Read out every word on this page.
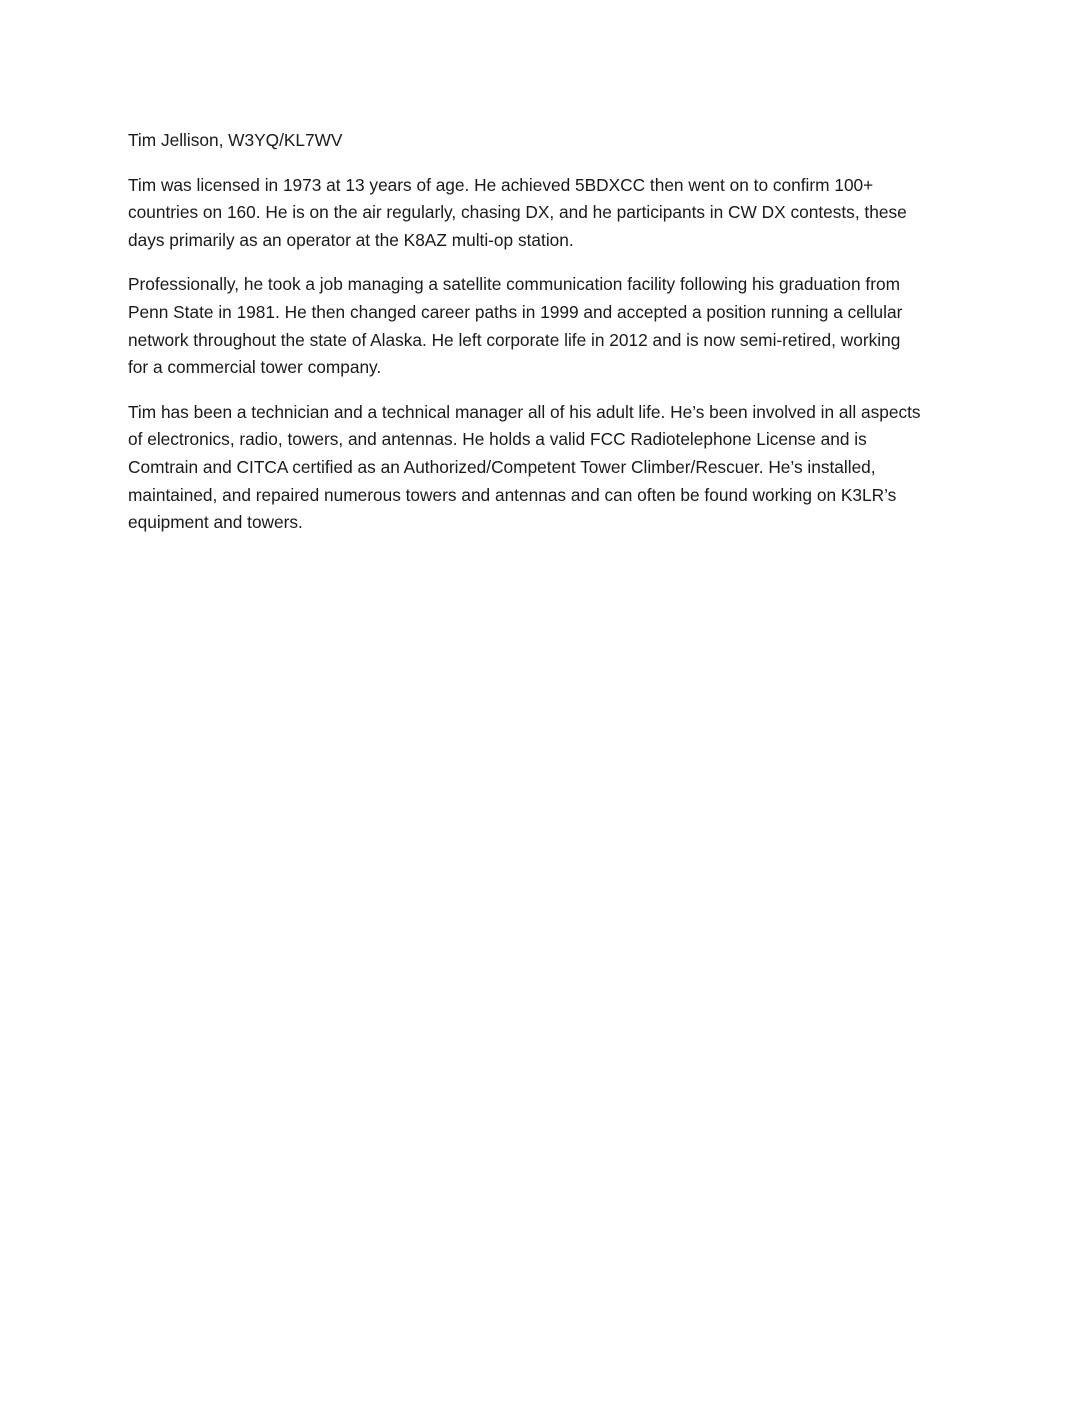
Tim Jellison, W3YQ/KL7WV
Tim was licensed in 1973 at 13 years of age. He achieved 5BDXCC then went on to confirm 100+
countries on 160. He is on the air regularly, chasing DX, and he participants in CW DX contests, these
days primarily as an operator at the K8AZ multi-op station.
Professionally, he took a job managing a satellite communication facility following his graduation from
Penn State in 1981. He then changed career paths in 1999 and accepted a position running a cellular
network throughout the state of Alaska. He left corporate life in 2012 and is now semi-retired, working
for a commercial tower company.
Tim has been a technician and a technical manager all of his adult life. He’s been involved in all aspects
of electronics, radio, towers, and antennas. He holds a valid FCC Radiotelephone License and is
Comtrain and CITCA certified as an Authorized/Competent Tower Climber/Rescuer. He’s installed,
maintained, and repaired numerous towers and antennas and can often be found working on K3LR’s
equipment and towers.
